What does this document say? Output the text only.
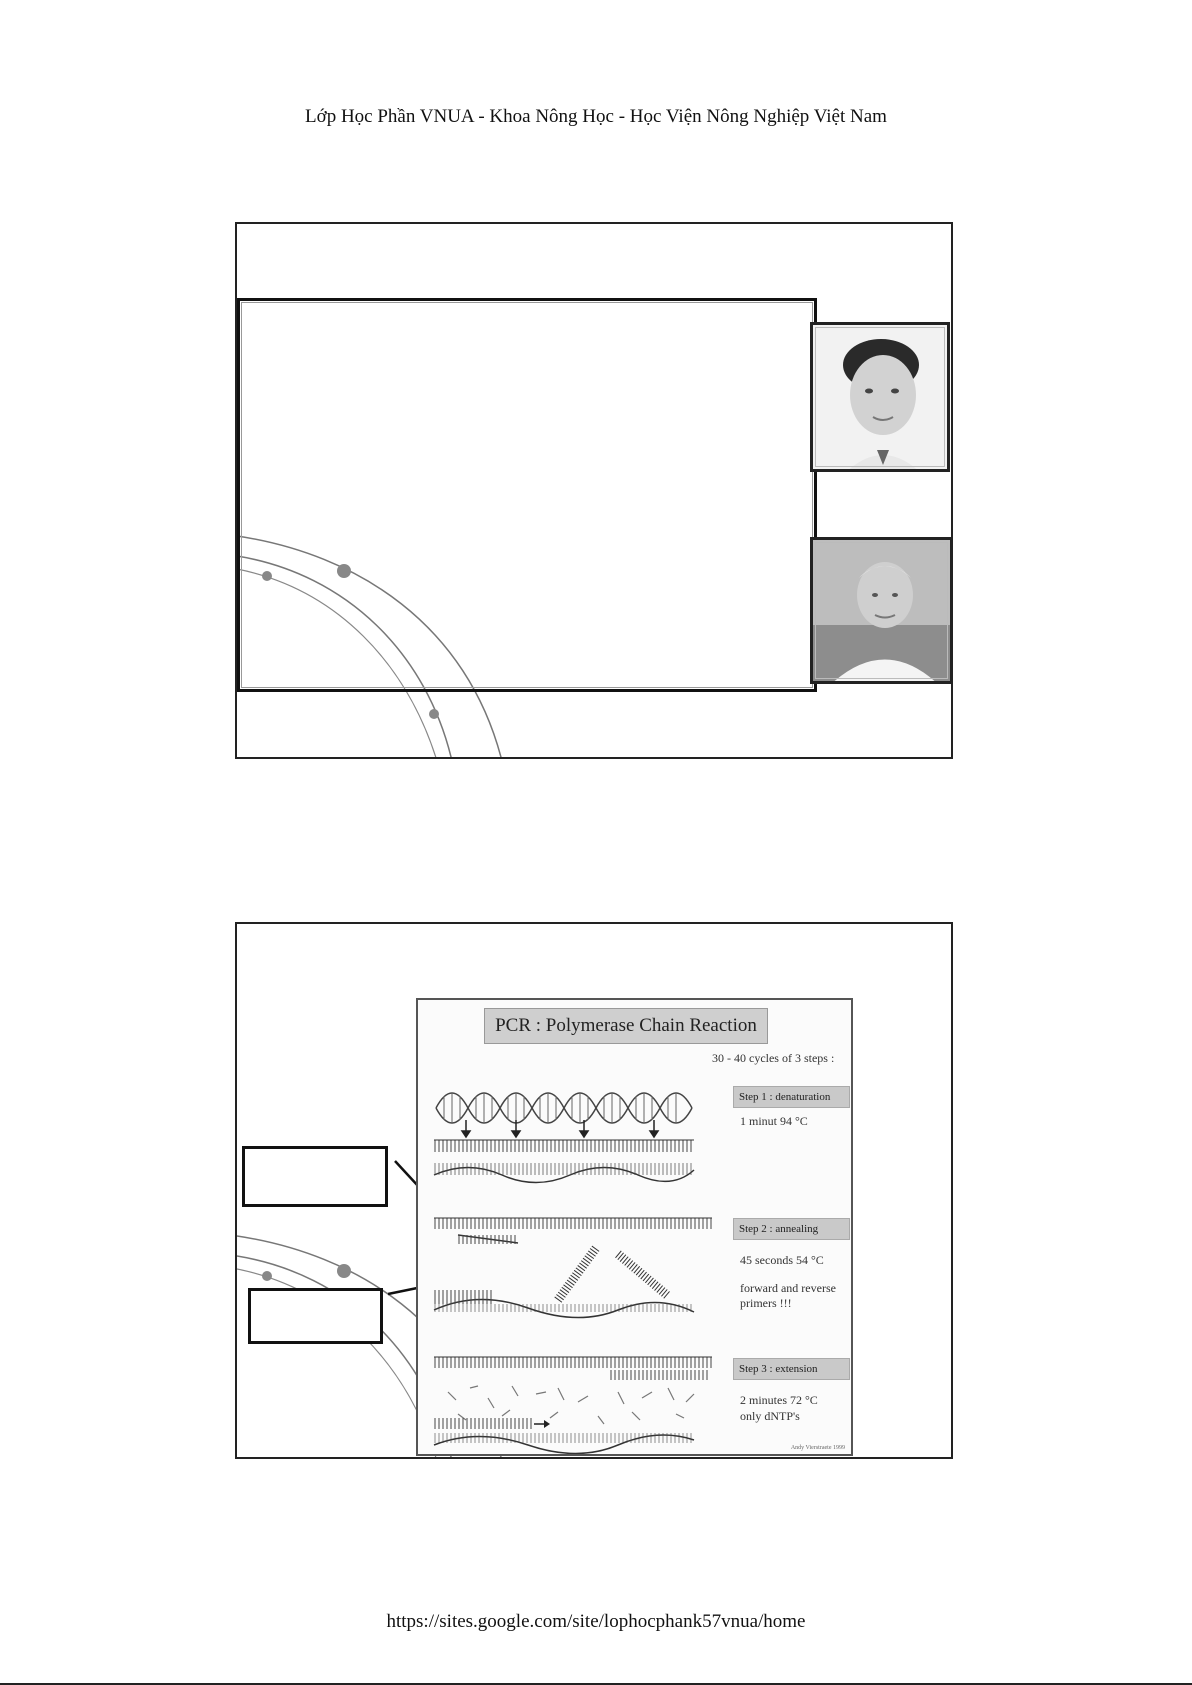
Lớp Học Phần VNUA - Khoa Nông Học - Học Viện Nông Nghiệp Việt Nam
PCR : Polymerase Chain Reaction
30 - 40 cycles of 3 steps :
Step 1 : denaturation
1 minut 94 °C
Step 2 : annealing
45 seconds 54 °C
forward and reverse
primers !!!
Step 3 : extension
2 minutes 72 °C
only dNTP's
Andy Vierstraete 1999
https://sites.google.com/site/lophocphank57vnua/home
